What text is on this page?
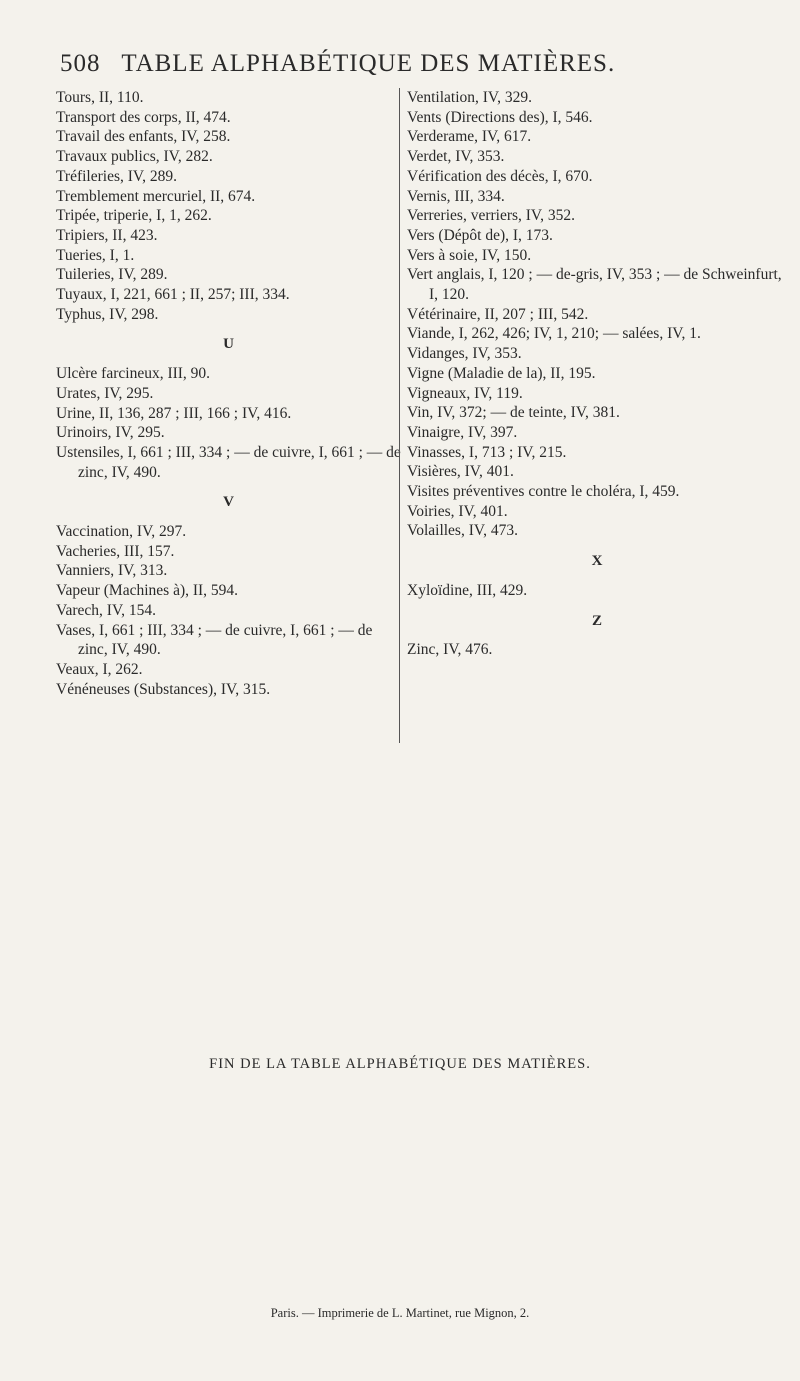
508 TABLE ALPHABÉTIQUE DES MATIÈRES.
Tours, II, 110.
Transport des corps, II, 474.
Travail des enfants, IV, 258.
Travaux publics, IV, 282.
Tréfileries, IV, 289.
Tremblement mercuriel, II, 674.
Tripée, triperie, I, 1, 262.
Tripiers, II, 423.
Tueries, I, 1.
Tuileries, IV, 289.
Tuyaux, I, 221, 661 ; II, 257; III, 334.
Typhus, IV, 298.
U
Ulcère farcineux, III, 90.
Urates, IV, 295.
Urine, II, 136, 287 ; III, 166 ; IV, 416.
Urinoirs, IV, 295.
Ustensiles, I, 661 ; III, 334 ; — de cuivre, I, 661 ; — de zinc, IV, 490.
V
Vaccination, IV, 297.
Vacheries, III, 157.
Vanniers, IV, 313.
Vapeur (Machines à), II, 594.
Varech, IV, 154.
Vases, I, 661 ; III, 334 ; — de cuivre, I, 661 ; — de zinc, IV, 490.
Veaux, I, 262.
Vénéneuses (Substances), IV, 315.
Ventilation, IV, 329.
Vents (Directions des), I, 546.
Verderame, IV, 617.
Verdet, IV, 353.
Vérification des décès, I, 670.
Vernis, III, 334.
Verreries, verriers, IV, 352.
Vers (Dépôt de), I, 173.
Vers à soie, IV, 150.
Vert anglais, I, 120 ; — de-gris, IV, 353 ; — de Schweinfurt, I, 120.
Vétérinaire, II, 207 ; III, 542.
Viande, I, 262, 426; IV, 1, 210; — salées, IV, 1.
Vidanges, IV, 353.
Vigne (Maladie de la), II, 195.
Vigneaux, IV, 119.
Vin, IV, 372; — de teinte, IV, 381.
Vinaigre, IV, 397.
Vinasses, I, 713 ; IV, 215.
Visières, IV, 401.
Visites préventives contre le choléra, I, 459.
Voiries, IV, 401.
Volailles, IV, 473.
X
Xyloïdine, III, 429.
Z
Zinc, IV, 476.
FIN DE LA TABLE ALPHABÉTIQUE DES MATIÈRES.
Paris. — Imprimerie de L. Martinet, rue Mignon, 2.
